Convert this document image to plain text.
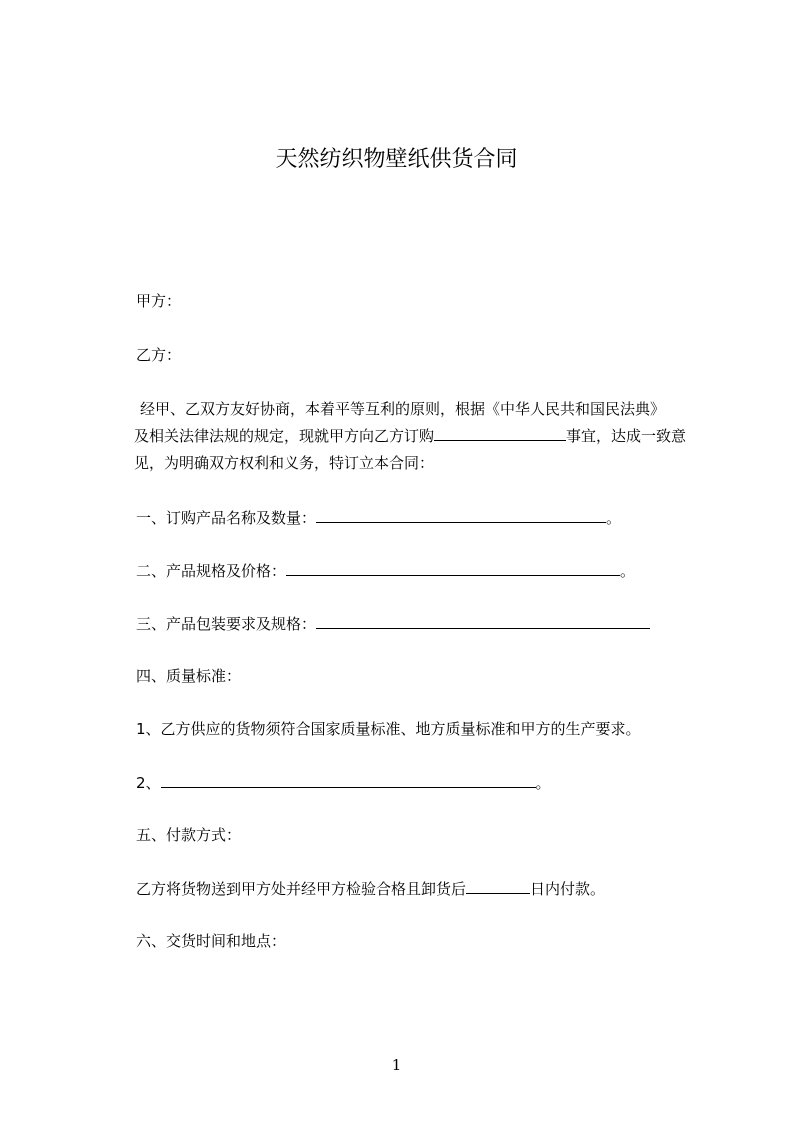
天然纺织物壁纸供货合同
甲方：
乙方：

经甲、乙双方友好协商，本着平等互利的原则，根据《中华人民共和国民法典》

及相关法律法规的规定，现就甲方向乙方订购	事宜，达成一致意

见，为明确双方权利和义务，特订立本合同：

一、订购产品名称及数量：	。
二、产品规格及价格：	。
三、产品包装要求及规格：
四、质量标准：
1、乙方供应的货物须符合国家质量标准、地方质量标准和甲方的生产要求。
2、	。
五、付款方式：
乙方将货物送到甲方处并经甲方检验合格且卸货后	日内付款。
六、交货时间和地点：
1
